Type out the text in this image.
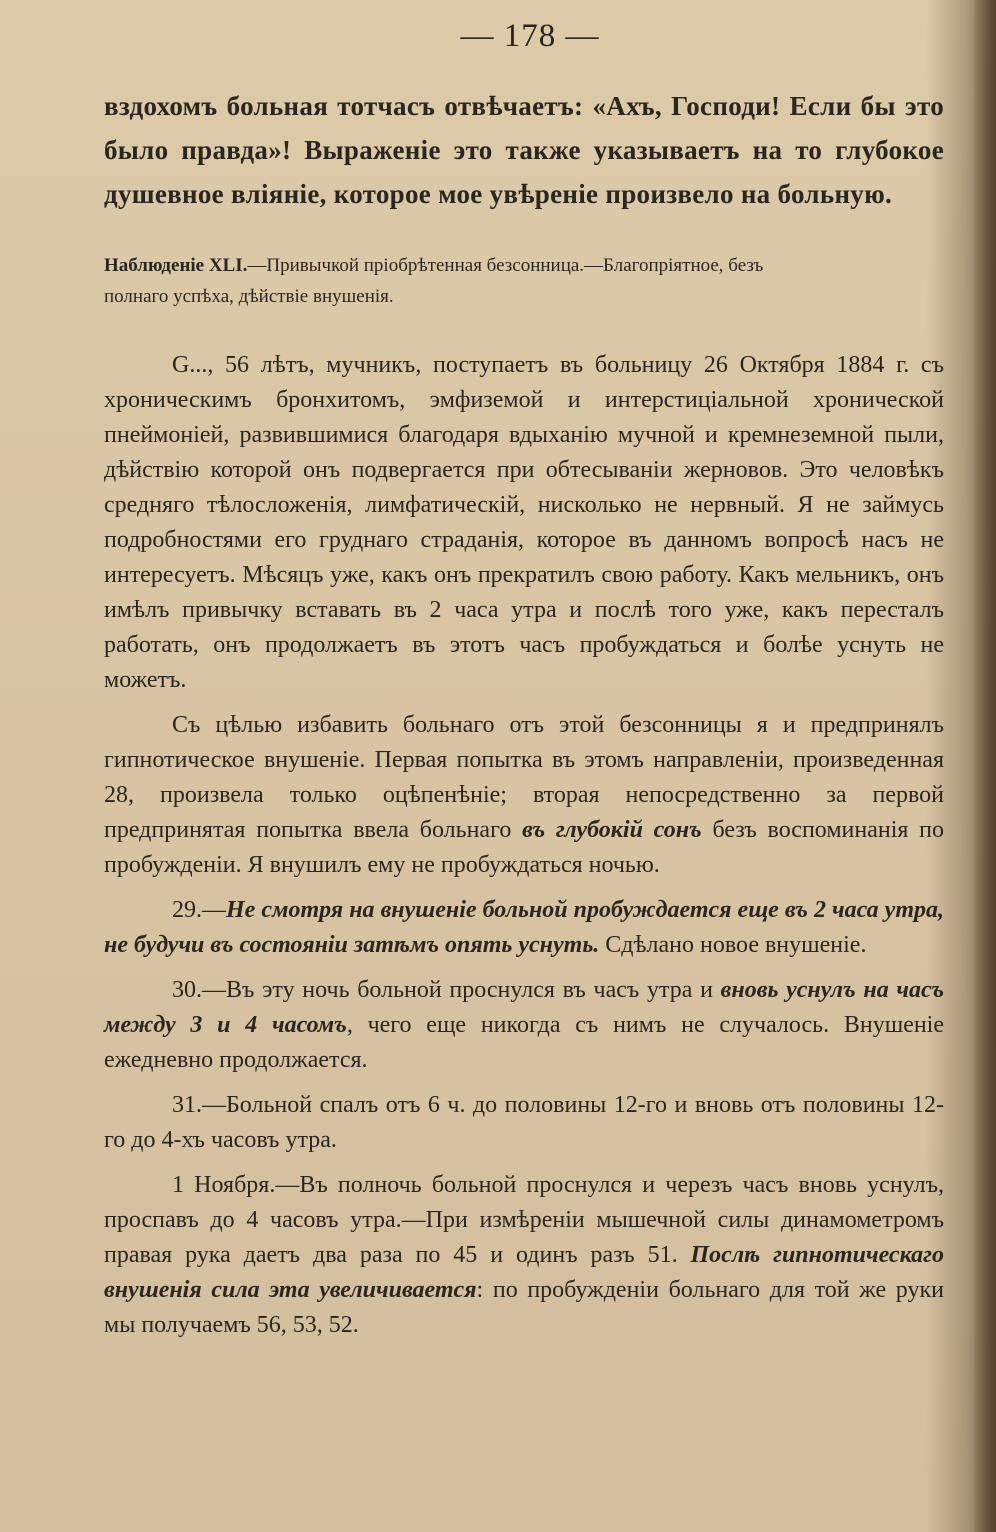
— 178 —

вздохомъ больная тотчасъ отвѣчаетъ: «Ахъ, Господи! Если бы это было правда»! Выраженіе это также указываетъ на то глубокое душевное вліяніе, которое мое увѣреніе произвело на больную.

Наблюденіе XLI.—Привычкой пріобрѣтенная безсонница.—Благопріятное, безъ
полнаго успѣха, дѣйствіе внушенія.

G..., 56 лѣтъ, мучникъ, поступаетъ въ больницу 26 Октября 1884 г. съ хроническимъ бронхитомъ, эмфиземой и интерстиціальной хронической пнеймоніей, развившимися благодаря вдыханію мучной и кремнеземной пыли, дѣйствію которой онъ подвергается при обтесываніи жерновов. Это человѣкъ средняго тѣлосложенія, лимфатическій, нисколько не нервный. Я не займусь подробностями его груднаго страданія, которое въ данномъ вопросѣ насъ не интересуетъ. Мѣсяцъ уже, какъ онъ прекратилъ свою работу. Какъ мельникъ, онъ имѣлъ привычку вставать въ 2 часа утра и послѣ того уже, какъ пересталъ работать, онъ продолжаетъ въ этотъ часъ пробуждаться и болѣе уснуть не можетъ.

Съ цѣлью избавить больнаго отъ этой безсонницы я и предпринялъ гипнотическое внушеніе. Первая попытка въ этомъ направленіи, произведенная 28, произвела только оцѣпенѣніе; вторая непосредственно за первой предпринятая попытка ввела больнаго въ глубокій сонъ безъ воспоминанія по пробужденіи. Я внушилъ ему не пробуждаться ночью.

29.—Не смотря на внушеніе больной пробуждается еще въ 2 часа утра, не будучи въ состояніи затѣмъ опять уснуть. Сдѣлано новое внушеніе.

30.—Въ эту ночь больной проснулся въ часъ утра и вновь уснулъ на часъ между 3 и 4 часомъ, чего еще никогда съ нимъ не случалось. Внушеніе ежедневно продолжается.

31.—Больной спалъ отъ 6 ч. до половины 12-го и вновь отъ половины 12-го до 4-хъ часовъ утра.

1 Ноября.—Въ полночь больной проснулся и черезъ часъ вновь уснулъ, проспавъ до 4 часовъ утра.—При измѣреніи мышечной силы динамометромъ правая рука даетъ два раза по 45 и одинъ разъ 51. Послѣ гипнотическаго внушенія сила эта увеличивается: по пробужденіи больнаго для той же руки мы получаемъ 56, 53, 52.
